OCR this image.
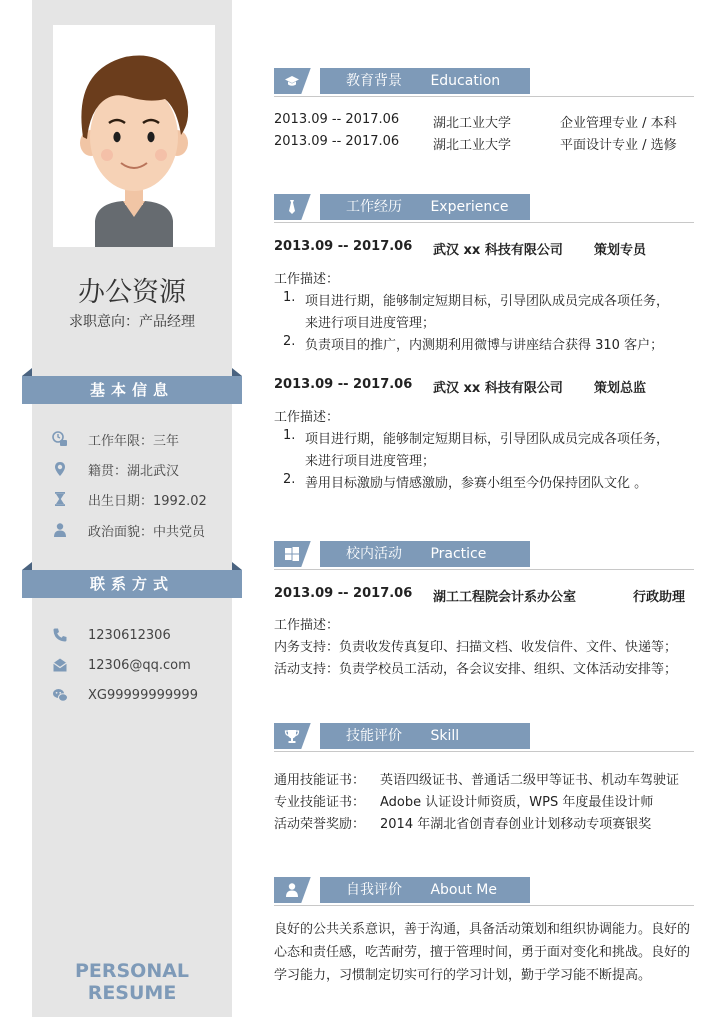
办公资源
求职意向：产品经理
基本信息
工作年限：三年
籍贯：湖北武汉
出生日期：1992.02
政治面貌：中共党员
联系方式
1230612306
12306@qq.com
XG99999999999
PERSONAL RESUME
教育背景 Education
2013.09 -- 2017.06	湖北工业大学	企业管理专业 / 本科
2013.09 -- 2017.06	湖北工业大学	平面设计专业 / 选修
工作经历 Experience
2013.09 -- 2017.06 武汉 xx 科技有限公司 策划专员
工作描述：
1. 项目进行期，能够制定短期目标，引导团队成员完成各项任务，
来进行项目进度管理；
2. 负责项目的推广，内测期利用微博与讲座结合获得 310 客户；
2013.09 -- 2017.06 武汉 xx 科技有限公司 策划总监
工作描述：
1. 项目进行期，能够制定短期目标，引导团队成员完成各项任务，
来进行项目进度管理；
2. 善用目标激励与情感激励，参赛小组至今仍保持团队文化 。
校内活动 Practice
2013.09 -- 2017.06 湖工工程院会计系办公室	行政助理
工作描述：
内务支持：负责收发传真复印、扫描文档、收发信件、文件、快递等；
活动支持：负责学校员工活动，各会议安排、组织、文体活动安排等；
技能评价 Skill
通用技能证书： 英语四级证书、普通话二级甲等证书、机动车驾驶证
专业技能证书： Adobe 认证设计师资质，WPS 年度最佳设计师
活动荣誉奖励： 2014 年湖北省创青春创业计划移动专项赛银奖
自我评价 About Me
良好的公共关系意识，善于沟通，具备活动策划和组织协调能力。良好的
心态和责任感，吃苦耐劳，擅于管理时间，勇于面对变化和挑战。良好的
学习能力，习惯制定切实可行的学习计划，勤于学习能不断提高。
